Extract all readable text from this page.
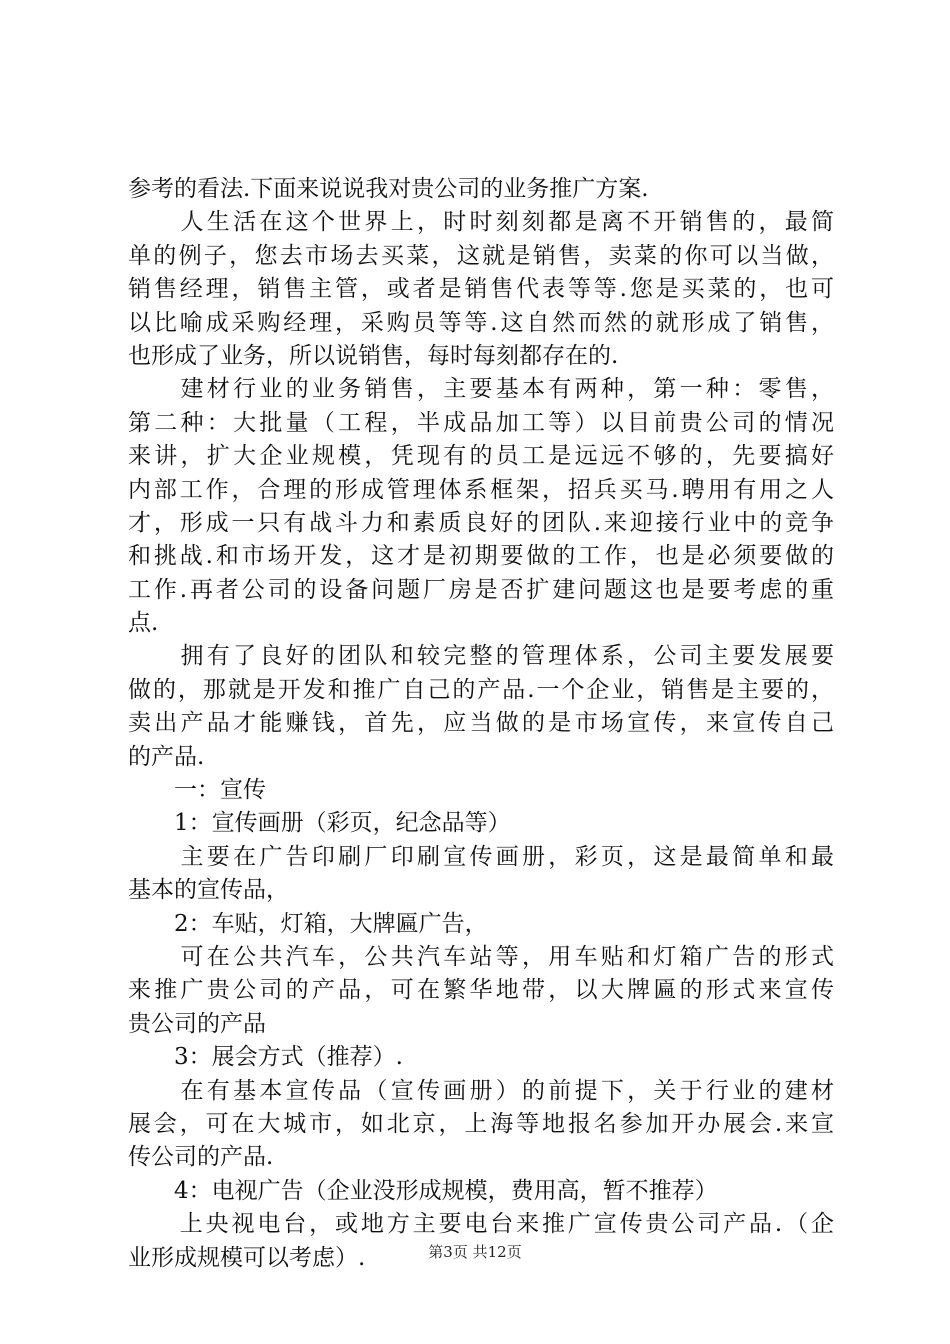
参考的看法.下面来说说我对贵公司的业务推广方案.
　　人生活在这个世界上，时时刻刻都是离不开销售的，最简
单的例子，您去市场去买菜，这就是销售，卖菜的你可以当做，
销售经理，销售主管，或者是销售代表等等.您是买菜的，也可
以比喻成采购经理，采购员等等.这自然而然的就形成了销售，
也形成了业务，所以说销售，每时每刻都存在的.
　　建材行业的业务销售，主要基本有两种，第一种：零售，
第二种：大批量（工程，半成品加工等）以目前贵公司的情况
来讲，扩大企业规模，凭现有的员工是远远不够的，先要搞好
内部工作，合理的形成管理体系框架，招兵买马.聘用有用之人
才，形成一只有战斗力和素质良好的团队.来迎接行业中的竞争
和挑战.和市场开发，这才是初期要做的工作，也是必须要做的
工作.再者公司的设备问题厂房是否扩建问题这也是要考虑的重
点.
　　拥有了良好的团队和较完整的管理体系，公司主要发展要
做的，那就是开发和推广自己的产品.一个企业，销售是主要的，
卖出产品才能赚钱，首先，应当做的是市场宣传，来宣传自己
的产品.
　　一：宣传
　　1：宣传画册（彩页，纪念品等）
　　主要在广告印刷厂印刷宣传画册，彩页，这是最简单和最
基本的宣传品，
　　2：车贴，灯箱，大牌匾广告，
　　可在公共汽车，公共汽车站等，用车贴和灯箱广告的形式
来推广贵公司的产品，可在繁华地带，以大牌匾的形式来宣传
贵公司的产品
　　3：展会方式（推荐）.
　　在有基本宣传品（宣传画册）的前提下，关于行业的建材
展会，可在大城市，如北京，上海等地报名参加开办展会.来宣
传公司的产品.
　　4：电视广告（企业没形成规模，费用高，暂不推荐）
　　上央视电台，或地方主要电台来推广宣传贵公司产品.（企
业形成规模可以考虑）.	第3页 共12页
